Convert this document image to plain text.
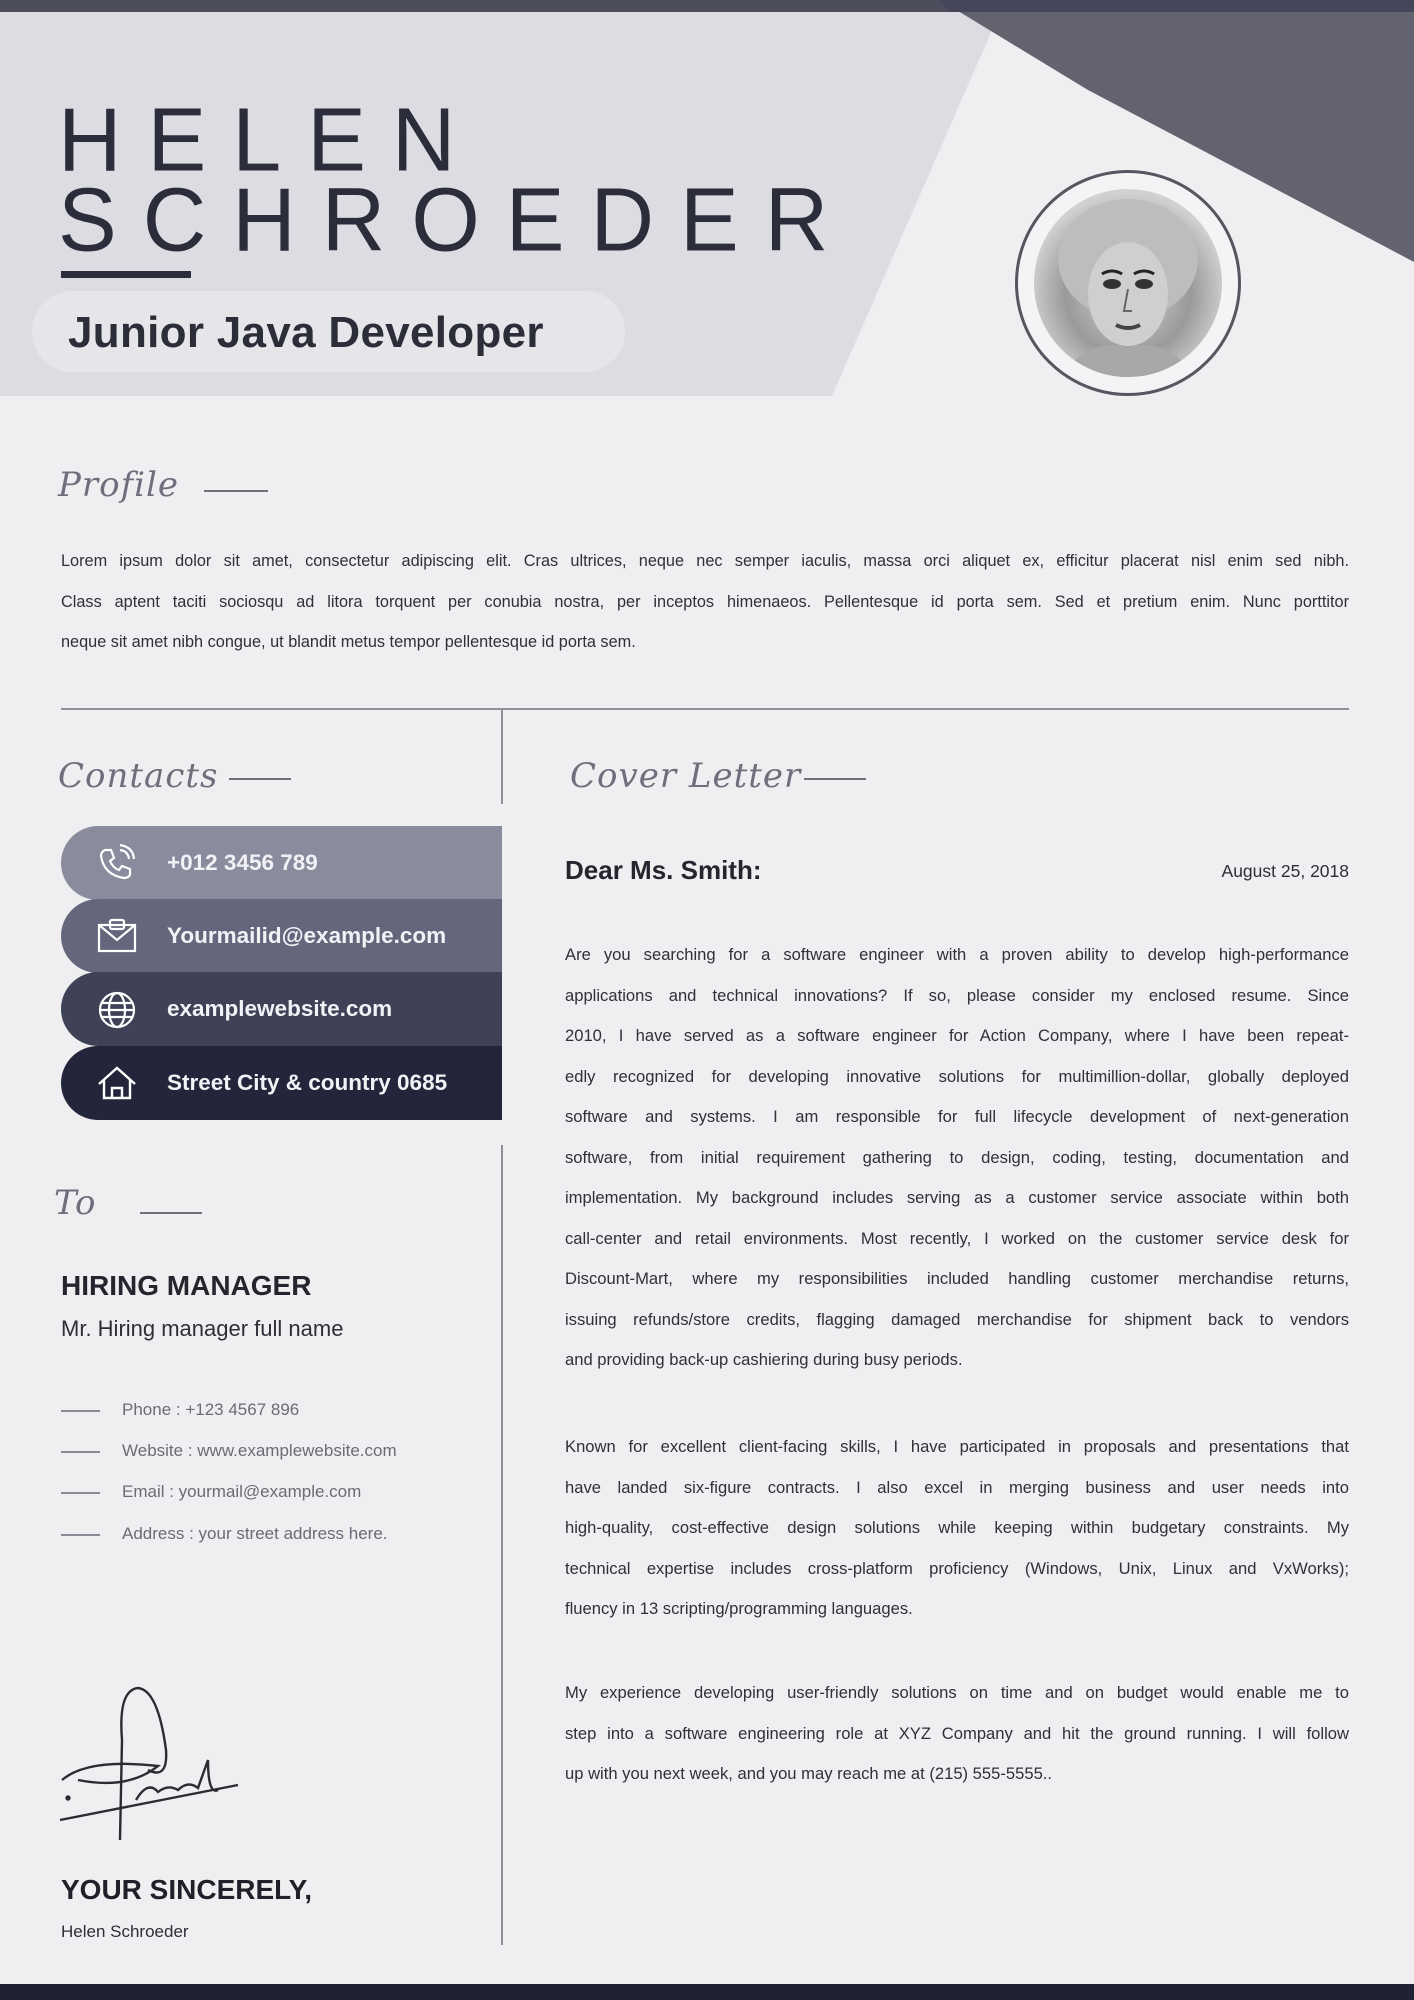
HELEN
SCHROEDER
Junior Java Developer
Profile
Lorem ipsum dolor sit amet, consectetur adipiscing elit. Cras ultrices, neque nec semper iaculis, massa orci aliquet ex, efficitur placerat nisl enim sed nibh.
Class aptent taciti sociosqu ad litora torquent per conubia nostra, per inceptos himenaeos. Pellentesque id porta sem. Sed et pretium enim. Nunc porttitor
neque sit amet nibh congue, ut blandit metus tempor pellentesque id porta sem.
Contacts
+012 3456 789
Yourmailid@example.com
examplewebsite.com
Street City & country 0685
To
HIRING MANAGER
Mr. Hiring manager full name
Phone : +123 4567 896
Website : www.examplewebsite.com
Email : yourmail@example.com
Address : your street address here.
YOUR SINCERELY,
Helen Schroeder
Cover Letter
Dear Ms. Smith:	August 25, 2018
Are you searching for a software engineer with a proven ability to develop high-performance
applications and technical innovations? If so, please consider my enclosed resume. Since
2010, I have served as a software engineer for Action Company, where I have been repeat-
edly recognized for developing innovative solutions for multimillion-dollar, globally deployed
software and systems. I am responsible for full lifecycle development of next-generation
software, from initial requirement gathering to design, coding, testing, documentation and
implementation. My background includes serving as a customer service associate within both
call-center and retail environments. Most recently, I worked on the customer service desk for
Discount-Mart, where my responsibilities included handling customer merchandise returns,
issuing refunds/store credits, flagging damaged merchandise for shipment back to vendors
and providing back-up cashiering during busy periods.
Known for excellent client-facing skills, I have participated in proposals and presentations that
have landed six-figure contracts. I also excel in merging business and user needs into
high-quality, cost-effective design solutions while keeping within budgetary constraints. My
technical expertise includes cross-platform proficiency (Windows, Unix, Linux and VxWorks);
fluency in 13 scripting/programming languages.
My experience developing user-friendly solutions on time and on budget would enable me to
step into a software engineering role at XYZ Company and hit the ground running. I will follow
up with you next week, and you may reach me at (215) 555-5555..
